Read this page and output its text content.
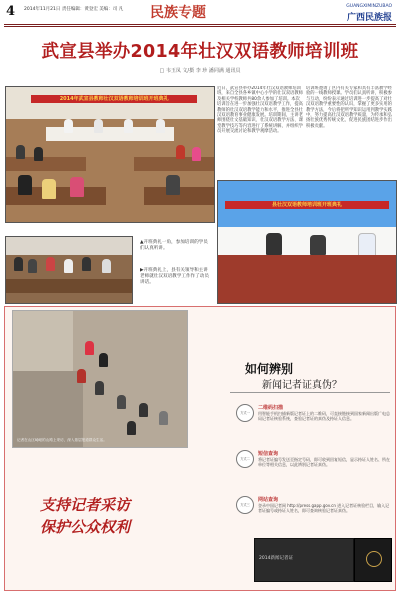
4 2014年11月21日 责任编辑：黄登宏 美编：司 凡	民族专题	GUANGXIMINZUBAO
广西民族报
武宣县举办2014年壮汉双语教师培训班
□ 韦玉凤 文/摄 李 珍 潘同满 通讯员
2014年武宣县教师壮汉双语教师培训班开班典礼
近日，武宣县举办2014年壮汉双语教师培训班，来自全县各乡镇中心小学的壮汉双语教师及相关学校教师共80余人参加了培训。本次培训旨在进一步加强壮汉双语教学工作，提高教师的壮汉双语教学能力和水平，推进全县壮汉双语教育事业健康发展。培训期间，主讲老师围绕壮文基础知识、壮汉双语教学方法、课堂教学技巧等内容进行了系统讲解，并组织学员开展交流讨论和教学观摩活动。
培训班邀请了区内有关专家和具有丰富教学经验的一线教师授课。学员们认真听讲，积极参与互动，纷纷表示通过培训进一步提高了对壮汉双语教学重要性的认识，掌握了更多实用的教学方法，今后将把所学知识运用到教学实践中，努力提高壮汉双语教学质量，为传承和弘扬壮族优秀传统文化、促进民族团结进步作出积极贡献。
县壮汉双语教师培训班开班典礼
▲开班典礼一角，参加培训的学员们认真听讲。
▶开班典礼上，县有关领导和主讲老师就壮汉双语教学工作作了动员讲话。
记者在山区崎岖的山路上采访，深入基层报道群众生活。
支持记者采访
保护公众权利
如何辨别
新闻记者证真伪？
方式一
二维码扫描
用智能手机扫描新版记者证上的二维码，可直接链接到国家新闻出版广电总局记者证核验系统，查验记者证的真伪及持证人信息。
方式二
短信查询
将记者证编号发送至指定号码，即可收到回复短信，显示持证人姓名、所在单位等相关信息，以此辨别记者证真伪。
方式三
网站查询
登录中国记者网 http://press.gapp.gov.cn 进入记者证核验栏目，输入记者证编号或持证人姓名，即可查询核验记者证真伪。
2014新闻记者证
